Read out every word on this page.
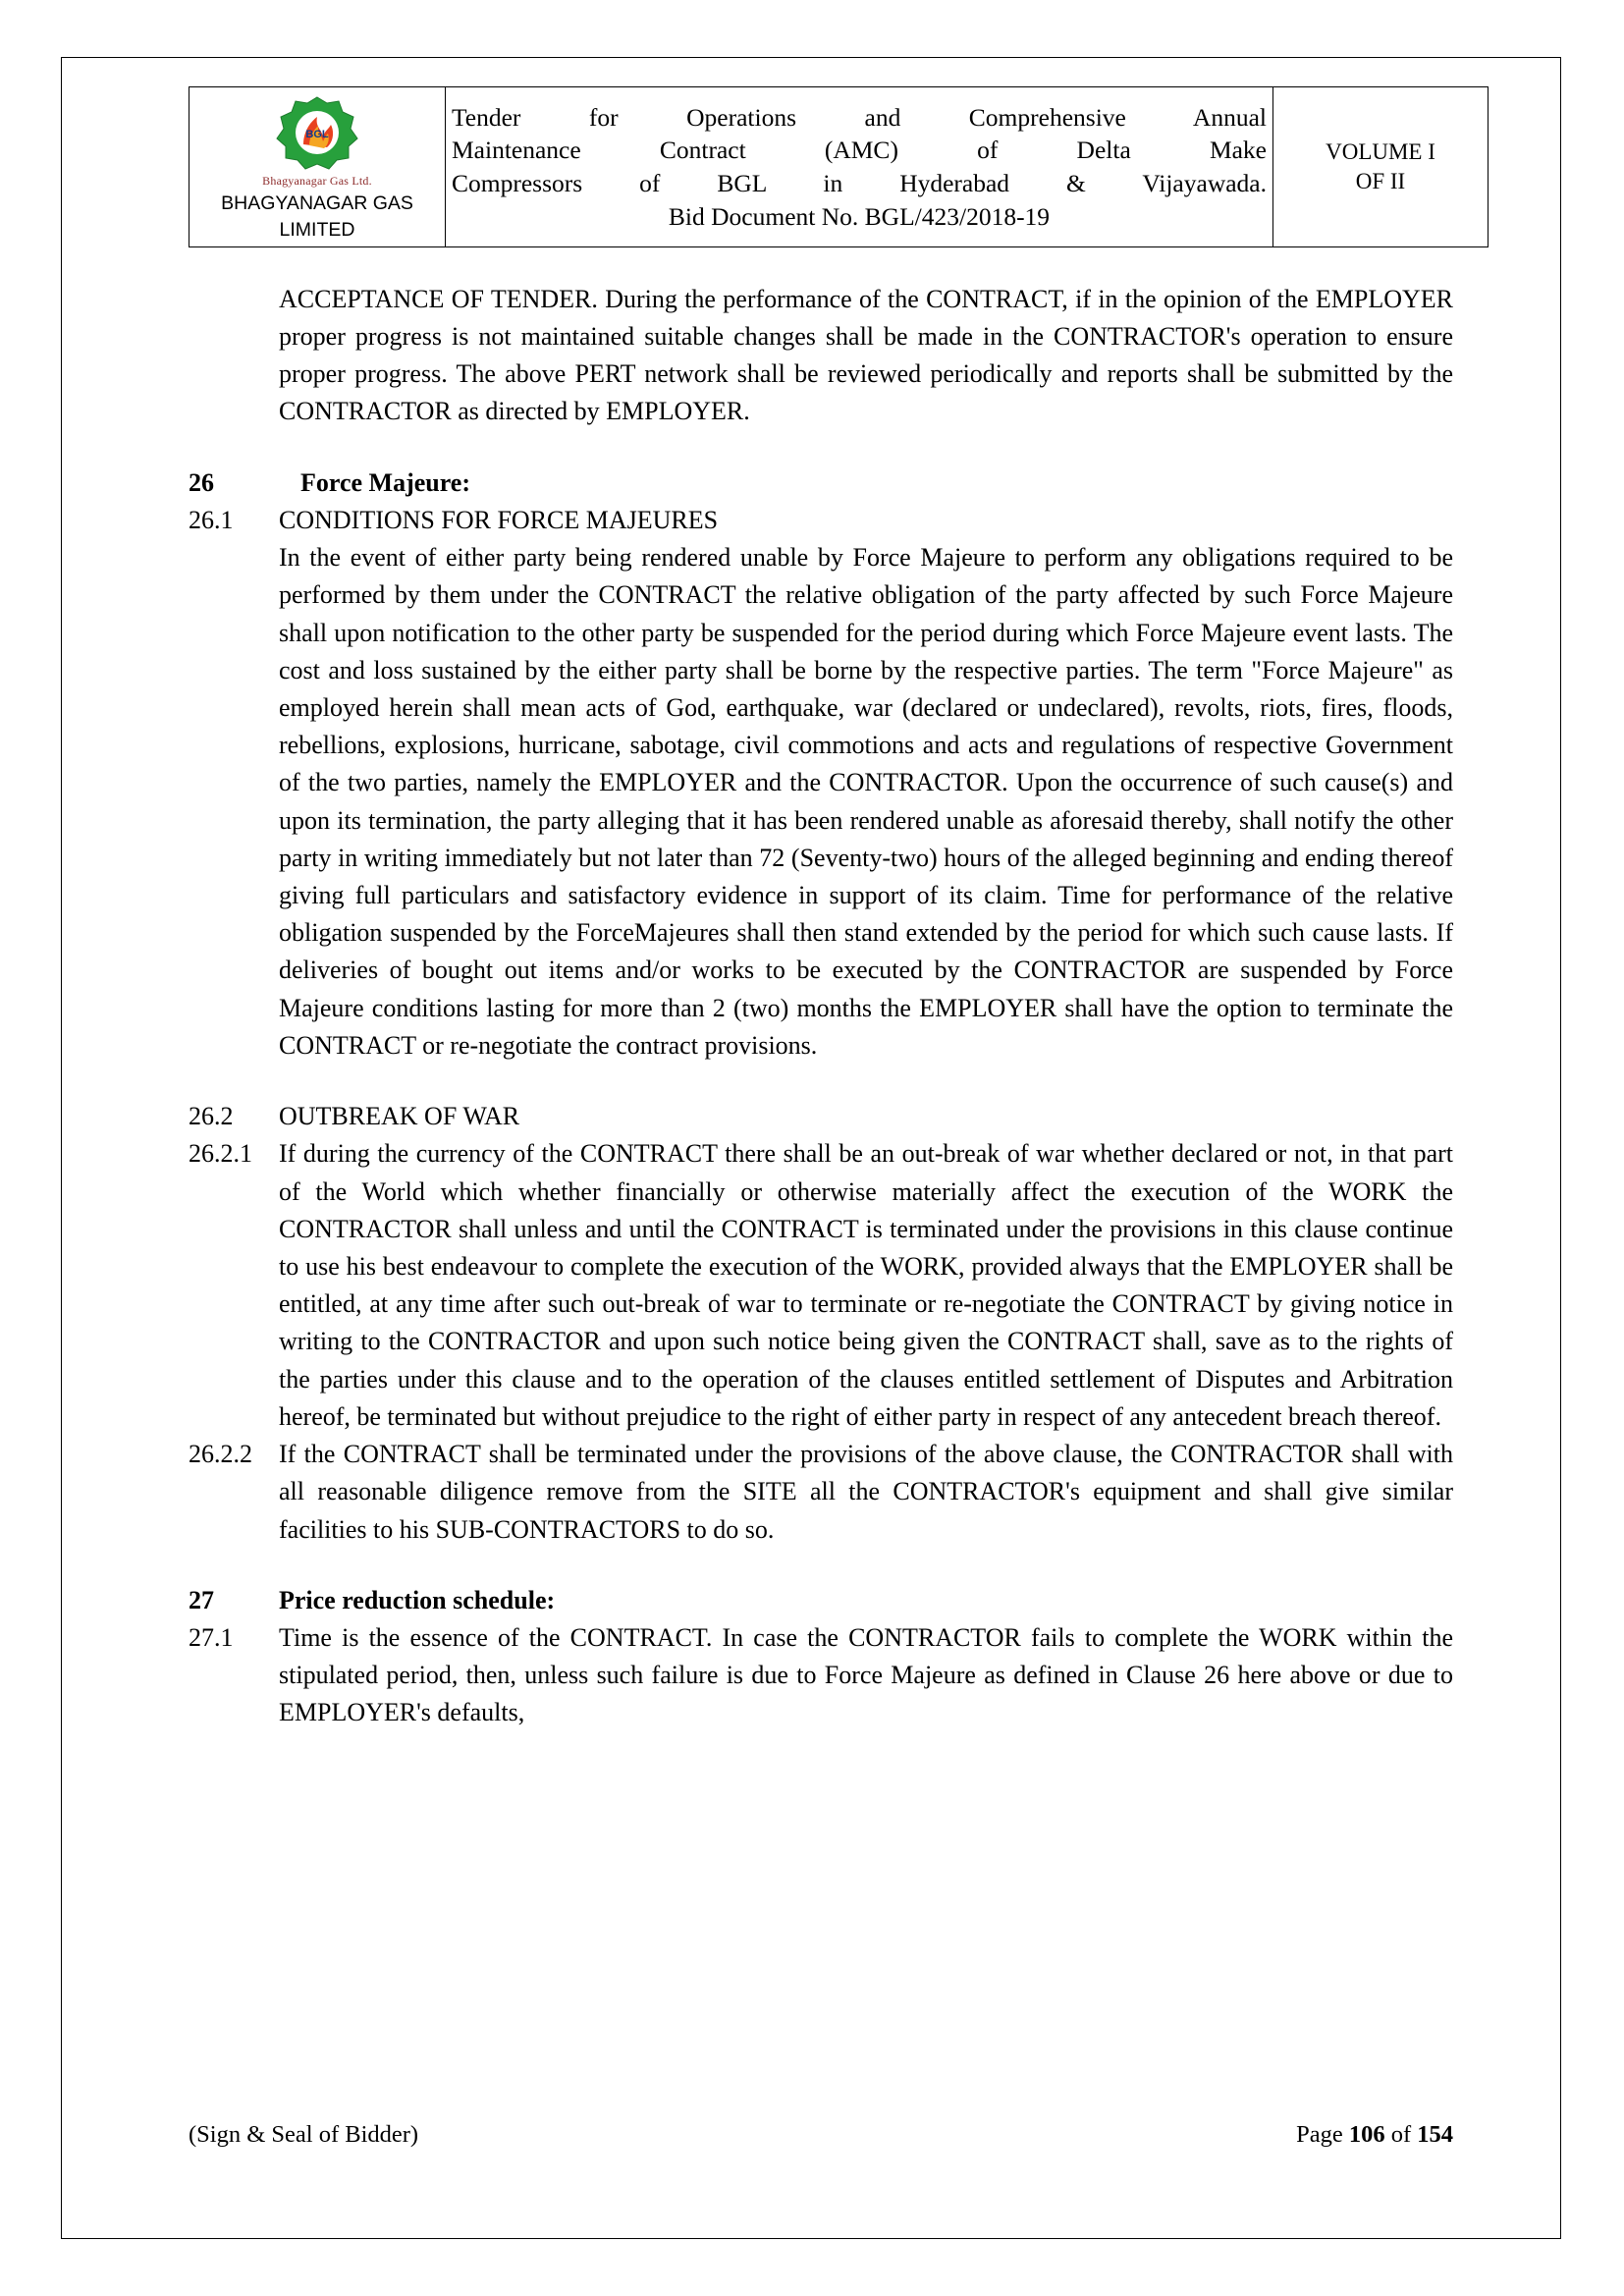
BGL
Bhagyanagar Gas Ltd.
BHAGYANAGAR GAS
LIMITED

Tender for Operations and Comprehensive Annual
Maintenance Contract (AMC) of Delta Make
Compressors of BGL in Hyderabad & Vijayawada.
Bid Document No. BGL/423/2018-19

VOLUME I
OF II
ACCEPTANCE OF TENDER. During the performance of the CONTRACT, if in the opinion of the EMPLOYER proper progress is not maintained suitable changes shall be made in the CONTRACTOR's operation to ensure proper progress. The above PERT network shall be reviewed periodically and reports shall be submitted by the CONTRACTOR as directed by EMPLOYER.
26	Force Majeure:
26.1	CONDITIONS FOR FORCE MAJEURES
In the event of either party being rendered unable by Force Majeure to perform any obligations required to be performed by them under the CONTRACT the relative obligation of the party affected by such Force Majeure shall upon notification to the other party be suspended for the period during which Force Majeure event lasts. The cost and loss sustained by the either party shall be borne by the respective parties. The term "Force Majeure" as employed herein shall mean acts of God, earthquake, war (declared or undeclared), revolts, riots, fires, floods, rebellions, explosions, hurricane, sabotage, civil commotions and acts and regulations of respective Government of the two parties, namely the EMPLOYER and the CONTRACTOR. Upon the occurrence of such cause(s) and upon its termination, the party alleging that it has been rendered unable as aforesaid thereby, shall notify the other party in writing immediately but not later than 72 (Seventy-two) hours of the alleged beginning and ending thereof giving full particulars and satisfactory evidence in support of its claim. Time for performance of the relative obligation suspended by the ForceMajeures shall then stand extended by the period for which such cause lasts. If deliveries of bought out items and/or works to be executed by the CONTRACTOR are suspended by Force Majeure conditions lasting for more than 2 (two) months the EMPLOYER shall have the option to terminate the CONTRACT or re-negotiate the contract provisions.
26.2	OUTBREAK OF WAR
26.2.1	If during the currency of the CONTRACT there shall be an out-break of war whether declared or not, in that part of the World which whether financially or otherwise materially affect the execution of the WORK the CONTRACTOR shall unless and until the CONTRACT is terminated under the provisions in this clause continue to use his best endeavour to complete the execution of the WORK, provided always that the EMPLOYER shall be entitled, at any time after such out-break of war to terminate or re-negotiate the CONTRACT by giving notice in writing to the CONTRACTOR and upon such notice being given the CONTRACT shall, save as to the rights of the parties under this clause and to the operation of the clauses entitled settlement of Disputes and Arbitration hereof, be terminated but without prejudice to the right of either party in respect of any antecedent breach thereof.
26.2.2	If the CONTRACT shall be terminated under the provisions of the above clause, the CONTRACTOR shall with all reasonable diligence remove from the SITE all the CONTRACTOR's equipment and shall give similar facilities to his SUB-CONTRACTORS to do so.
27	Price reduction schedule:
27.1	Time is the essence of the CONTRACT. In case the CONTRACTOR fails to complete the WORK within the stipulated period, then, unless such failure is due to Force Majeure as defined in Clause 26 here above or due to EMPLOYER's defaults,
(Sign & Seal of Bidder)	Page 106 of 154
